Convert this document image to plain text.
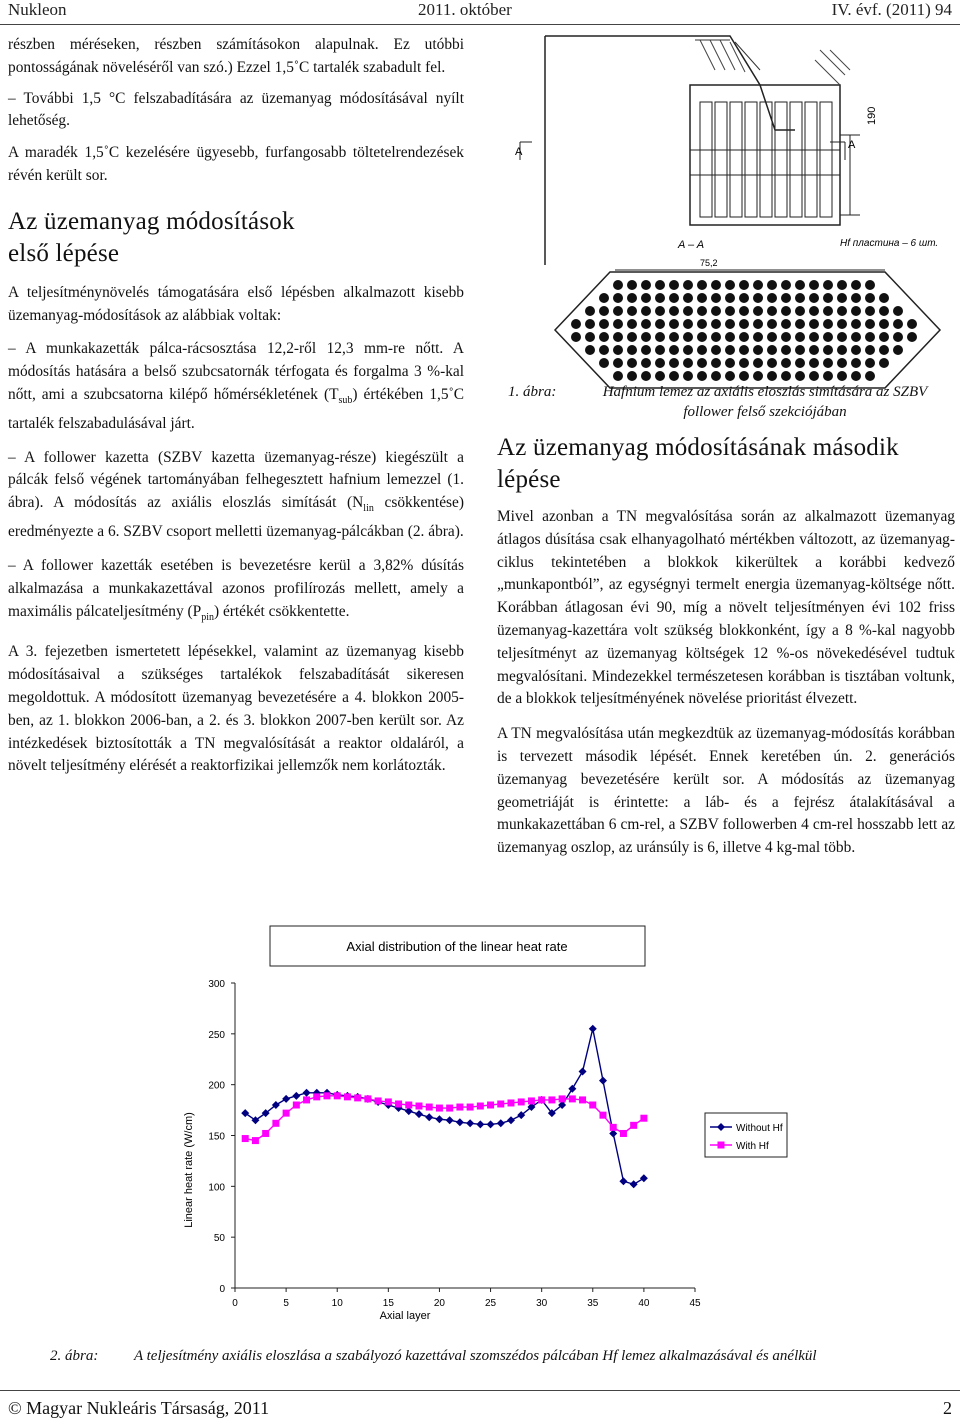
Nukleon	2011. október	IV. évf. (2011) 94

részben méréseken, részben számításokon alapulnak. Ez utóbbi pontosságának növeléséről van szó.) Ezzel 1,5˚C tartalék szabadult fel.

– További 1,5 °C felszabadítására az üzemanyag módosításával nyílt lehetőség.

A maradék 1,5˚C kezelésére ügyesebb, furfangosabb töltetelrendezések révén került sor.

Az üzemanyag módosítások első lépése

A teljesítménynövelés támogatására első lépésben alkalmazott kisebb üzemanyag-módosítások az alábbiak voltak:

– A munkakazetták pálca-rácsosztása 12,2-ről 12,3 mm-re nőtt. A módosítás hatására a belső szubcsatornák térfogata és forgalma 3 %-kal nőtt, ami a szubcsatorna kilépő hőmérsékletének $(T_{sub})$ értékében 1,5˚C tartalék felszabadulásával járt.

– A follower kazetta (SZBV kazetta üzemanyag-része) kiegészült a pálcák felső végének tartományában felhegesztett hafnium lemezzel (1. ábra). A módosítás az axiális eloszlás simítását ($N_{lin}$ csökkentése) eredményezte a 6. SZBV csoport melletti üzemanyag-pálcákban (2. ábra).

– A follower kazetták esetében is bevezetésre kerül a 3,82% dúsítás alkalmazása a munkakazettával azonos profilírozás mellett, amely a maximális pálcateljesítmény $(P_{pin})$ értékét csökkentette.

A 3. fejezetben ismertetett lépésekkel, valamint az üzemanyag kisebb módosításaival a szükséges tartalékok felszabadítását sikeresen megoldottuk. A módosított üzemanyag bevezetésére a 4. blokkon 2005-ben, az 1. blokkon 2006-ban, a 2. és 3. blokkon 2007-ben került sor. Az intézkedések biztosították a TN megvalósítását a reaktor oldaláról, a növelt teljesítmény elérését a reaktorfizikai jellemzők nem korlátozták.

190
A
A
A – A	Hf пластина – 6 шт.
75,2
1. ábra:	Hafnium lemez az axiális eloszlás simítására az SZBV follower felső szekciójában
Az üzemanyag módosításának második lépése

Mivel azonban a TN megvalósítása során az alkalmazott üzemanyag átlagos dúsítása csak elhanyagolható mértékben változott, az üzemanyag-ciklus tekintetében a blokkok kikerültek a korábbi kedvező „munkapontból”, az egységnyi termelt energia üzemanyag-költsége nőtt. Korábban átlagosan évi 90, míg a növelt teljesítményen évi 102 friss üzemanyag-kazettára volt szükség blokkonként, így a 8 %-kal nagyobb teljesítményt az üzemanyag költségek 12 %-os növekedésével tudtuk megvalósítani. Mindezekkel természetesen korábban is tisztában voltunk, de a blokkok teljesítményének növelése prioritást élvezett.

A TN megvalósítása után megkezdtük az üzemanyag-módosítás korábban is tervezett második lépését. Ennek keretében ún. 2. generációs üzemanyag bevezetésére került sor. A módosítás az üzemanyag geometriáját is érintette: a láb- és a fejrész átalakításával a munkakazettában 6 cm-rel, a SZBV followerben 4 cm-rel hosszabb lett az üzemanyag oszlop, az uránsúly is 6, illetve 4 kg-mal több.

Axial distribution of the linear heat rate
0
50
100
150
200
250
300
0	5	10	15	20	25	30	35	40	45
Without Hf
With Hf
Linear heat rate (W/cm)
Axial layer
2. ábra: A teljesítmény axiális eloszlása a szabályozó kazettával szomszédos pálcában Hf lemez alkalmazásával és anélkül
© Magyar Nukleáris Társaság, 2011	2
